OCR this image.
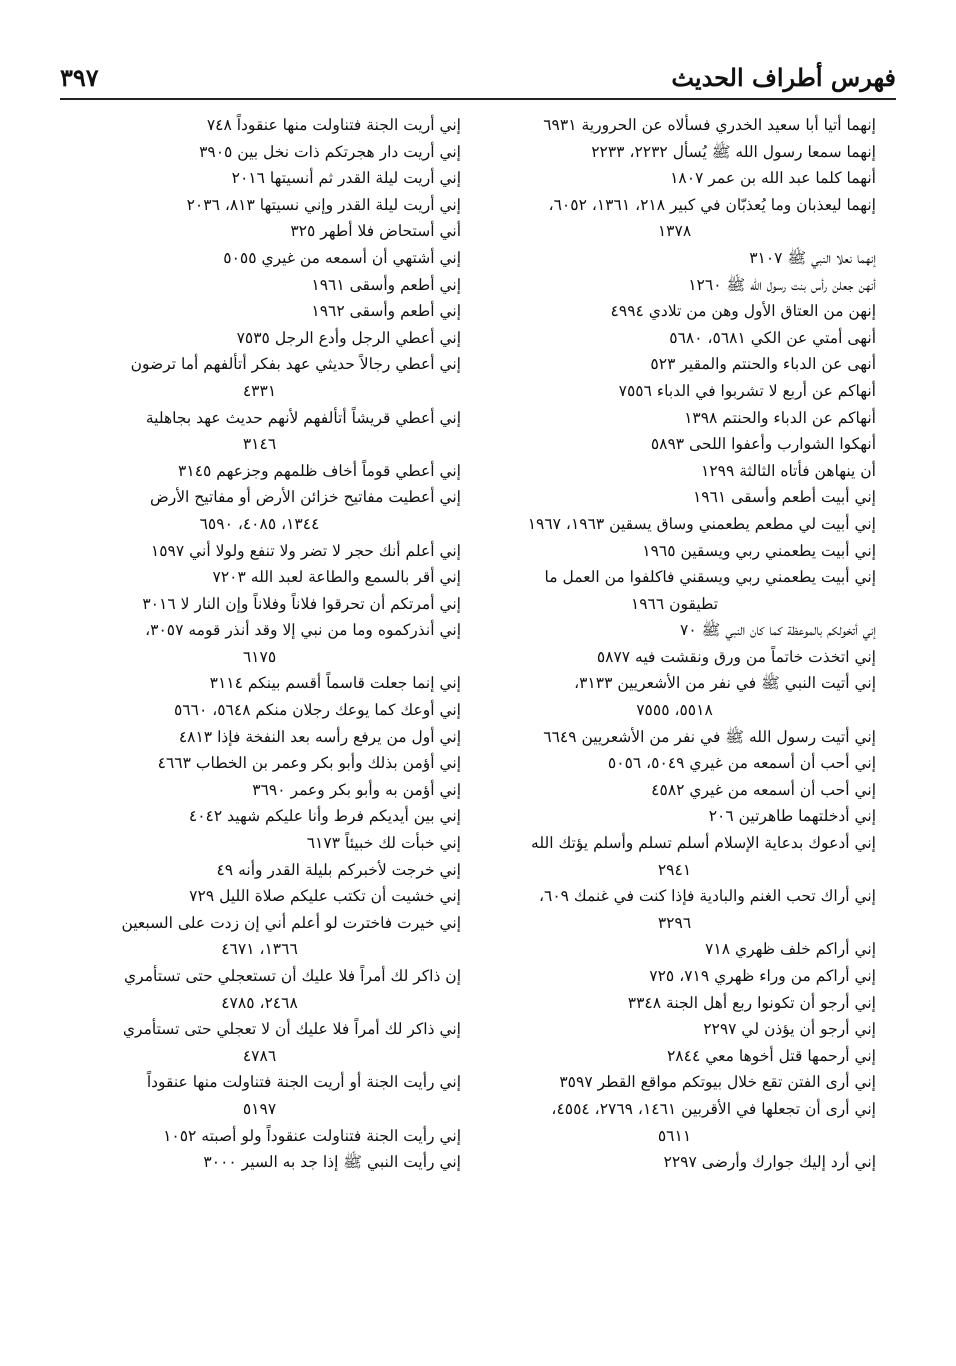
فهرس أطراف الحديث
٣٩٧

إنهما أتيا أبا سعيد الخدري فسألاه عن الحرورية ٦٩٣١

إنهما سمعا رسول الله ﷺ يُسأل ٢٢٣٢، ٢٢٣٣

أنهما كلما عبد الله بن عمر ١٨٠٧

إنهما ليعذبان وما يُعذبّان في كبير ٢١٨، ١٣٦١، ٦٠٥٢،
١٣٧٨

إنهما نعلا النبي ﷺ ٣١٠٧

أنهن جعلن رأس بنت رسول الله ﷺ ١٢٦٠

إنهن من العتاق الأول وهن من تلادي ٤٩٩٤

أنهى أمتي عن الكي ٥٦٨١، ٥٦٨٠

أنهى عن الدباء والحنتم والمقير ٥٢٣

أنهاكم عن أربع لا تشربوا في الدباء ٧٥٥٦

أنهاكم عن الدباء والحنتم ١٣٩٨

أنهكوا الشوارب وأعفوا اللحى ٥٨٩٣

أن ينهاهن فأتاه الثالثة ١٢٩٩

إني أبيت أطعم وأسقى ١٩٦١

إني أبيت لي مطعم يطعمني وساق يسقين ١٩٦٣، ١٩٦٧

إني أبيت يطعمني ربي ويسقين ١٩٦٥

إني أبيت يطعمني ربي ويسقني فاكلفوا من العمل ما
تطيقون ١٩٦٦

إني أتخولكم بالموعظة كما كان النبي ﷺ ٧٠

إني اتخذت خاتماً من ورق ونقشت فيه ٥٨٧٧

إني أتيت النبي ﷺ في نفر من الأشعريين ٣١٣٣،
٥٥١٨، ٧٥٥٥

إني أتيت رسول الله ﷺ في نفر من الأشعريين ٦٦٤٩

إني أحب أن أسمعه من غيري ٥٠٤٩، ٥٠٥٦

إني أحب أن أسمعه من غيري ٤٥٨٢

إني أدخلتهما طاهرتين ٢٠٦

إني أدعوك بدعاية الإسلام أسلم تسلم وأسلم يؤتك الله
٢٩٤١

إني أراك تحب الغنم والبادية فإذا كنت في غنمك ٦٠٩،
٣٢٩٦

إني أراكم خلف ظهري ٧١٨

إني أراكم من وراء ظهري ٧١٩، ٧٢٥

إني أرجو أن تكونوا ربع أهل الجنة ٣٣٤٨

إني أرجو أن يؤذن لي ٢٢٩٧

إني أرحمها قتل أخوها معي ٢٨٤٤

إني أرى الفتن تقع خلال بيوتكم مواقع القطر ٣٥٩٧

إني أرى أن تجعلها في الأقربين ١٤٦١، ٢٧٦٩، ٤٥٥٤،
٥٦١١

إني أرد إليك جوارك وأرضى ٢٢٩٧

إني أريت الجنة فتناولت منها عنقوداً ٧٤٨

إني أريت دار هجرتكم ذات نخل بين ٣٩٠٥

إني أريت ليلة القدر ثم أنسيتها ٢٠١٦

إني أريت ليلة القدر وإني نسيتها ٨١٣، ٢٠٣٦

أني أستحاض فلا أطهر ٣٢٥

إني أشتهي أن أسمعه من غيري ٥٠٥٥

إني أطعم وأسقى ١٩٦١

إني أطعم وأسقى ١٩٦٢

إني أعطي الرجل وأدع الرجل ٧٥٣٥

إني أعطي رجالاً حديثي عهد بفكر أتألفهم أما ترضون
٤٣٣١

إني أعطي قريشاً أتألفهم لأنهم حديث عهد بجاهلية
٣١٤٦

إني أعطي قوماً أخاف ظلمهم وجزعهم ٣١٤٥

إني أعطيت مفاتيح خزائن الأرض أو مفاتيح الأرض
١٣٤٤، ٤٠٨٥، ٦٥٩٠

إني أعلم أنك حجر لا تضر ولا تنفع ولولا أني ١٥٩٧

إني أقر بالسمع والطاعة لعبد الله ٧٢٠٣

إني أمرتكم أن تحرقوا فلاناً وفلاناً وإن النار لا ٣٠١٦

إني أنذركموه وما من نبي إلا وقد أنذر قومه ٣٠٥٧،
٦١٧٥

إني إنما جعلت قاسماً أقسم بينكم ٣١١٤

إني أوعك كما يوعك رجلان منكم ٥٦٤٨، ٥٦٦٠

إني أول من يرفع رأسه بعد النفخة فإذا ٤٨١٣

إني أؤمن بذلك وأبو بكر وعمر بن الخطاب ٤٦٦٣

إني أؤمن به وأبو بكر وعمر ٣٦٩٠

إني بين أيديكم فرط وأنا عليكم شهيد ٤٠٤٢

إني خبأت لك خبيئاً ٦١٧٣

إني خرجت لأخبركم بليلة القدر وأنه ٤٩

إني خشيت أن تكتب عليكم صلاة الليل ٧٢٩

إني خيرت فاخترت لو أعلم أني إن زدت على السبعين
١٣٦٦، ٤٦٧١

إن ذاكر لك أمراً فلا عليك أن تستعجلي حتى تستأمري
٢٤٦٨، ٤٧٨٥

إني ذاكر لك أمراً فلا عليك أن لا تعجلي حتى تستأمري
٤٧٨٦

إني رأيت الجنة أو أريت الجنة فتناولت منها عنقوداً
٥١٩٧

إني رأيت الجنة فتناولت عنقوداً ولو أصبته ١٠٥٢

إني رأيت النبي ﷺ إذا جد به السير ٣٠٠٠
